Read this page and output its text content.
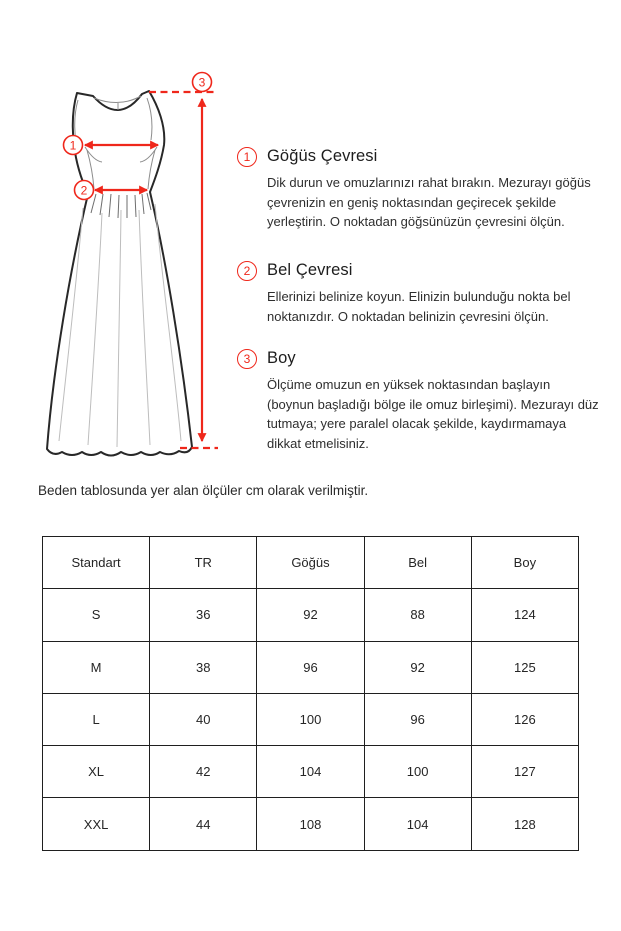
1
2
3
1	Göğüs Çevresi

Dik durun ve omuzlarınızı rahat bırakın. Mezurayı göğüs çevrenizin en geniş noktasından geçirecek şekilde yerleştirin. O noktadan göğsünüzün çevresini ölçün.

2	Bel Çevresi

Ellerinizi belinize koyun. Elinizin bulunduğu nokta bel noktanızdır. O noktadan belinizin çevresini ölçün.

3	Boy

Ölçüme omuzun en yüksek noktasından başlayın (boynun başladığı bölge ile omuz birleşimi). Mezurayı düz tutmaya; yere paralel olacak şekilde, kaydırmamaya dikkat etmelisiniz.

Beden tablosunda yer alan ölçüler cm olarak verilmiştir.

Standart	TR	Göğüs	Bel	Boy
S	36	92	88	124
M	38	96	92	125
L	40	100	96	126
XL	42	104	100	127
XXL	44	108	104	128
